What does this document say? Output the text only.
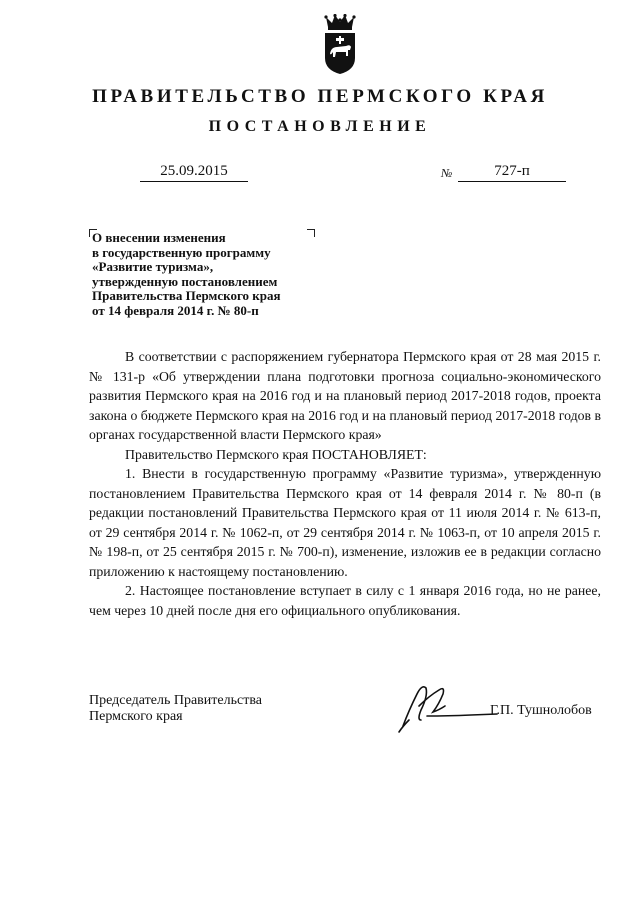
ПРАВИТЕЛЬСТВО ПЕРМСКОГО КРАЯ
ПОСТАНОВЛЕНИЕ
25.09.2015	№	727-п
О внесении изменения
в государственную программу
«Развитие туризма»,
утвержденную постановлением
Правительства Пермского края
от 14 февраля 2014 г. № 80-п

В соответствии с распоряжением губернатора Пермского края от 28 мая 2015 г. № 131-р «Об утверждении плана подготовки прогноза социально-экономического развития Пермского края на 2016 год и на плановый период 2017-2018 годов, проекта закона о бюджете Пермского края на 2016 год и на плановый период 2017-2018 годов в органах государственной власти Пермского края»

Правительство Пермского края ПОСТАНОВЛЯЕТ:

1. Внести в государственную программу «Развитие туризма», утвержденную постановлением Правительства Пермского края от 14 февраля 2014 г. № 80-п (в редакции постановлений Правительства Пермского края от 11 июля 2014 г. № 613-п, от 29 сентября 2014 г. № 1062-п, от 29 сентября 2014 г. № 1063-п, от 10 апреля 2015 г. № 198-п, от 25 сентября 2015 г. № 700-п), изменение, изложив ее в редакции согласно приложению к настоящему постановлению.

2. Настоящее постановление вступает в силу с 1 января 2016 года, но не ранее, чем через 10 дней после дня его официального опубликования.

Председатель Правительства
Пермского края	Г.П. Тушнолобов
